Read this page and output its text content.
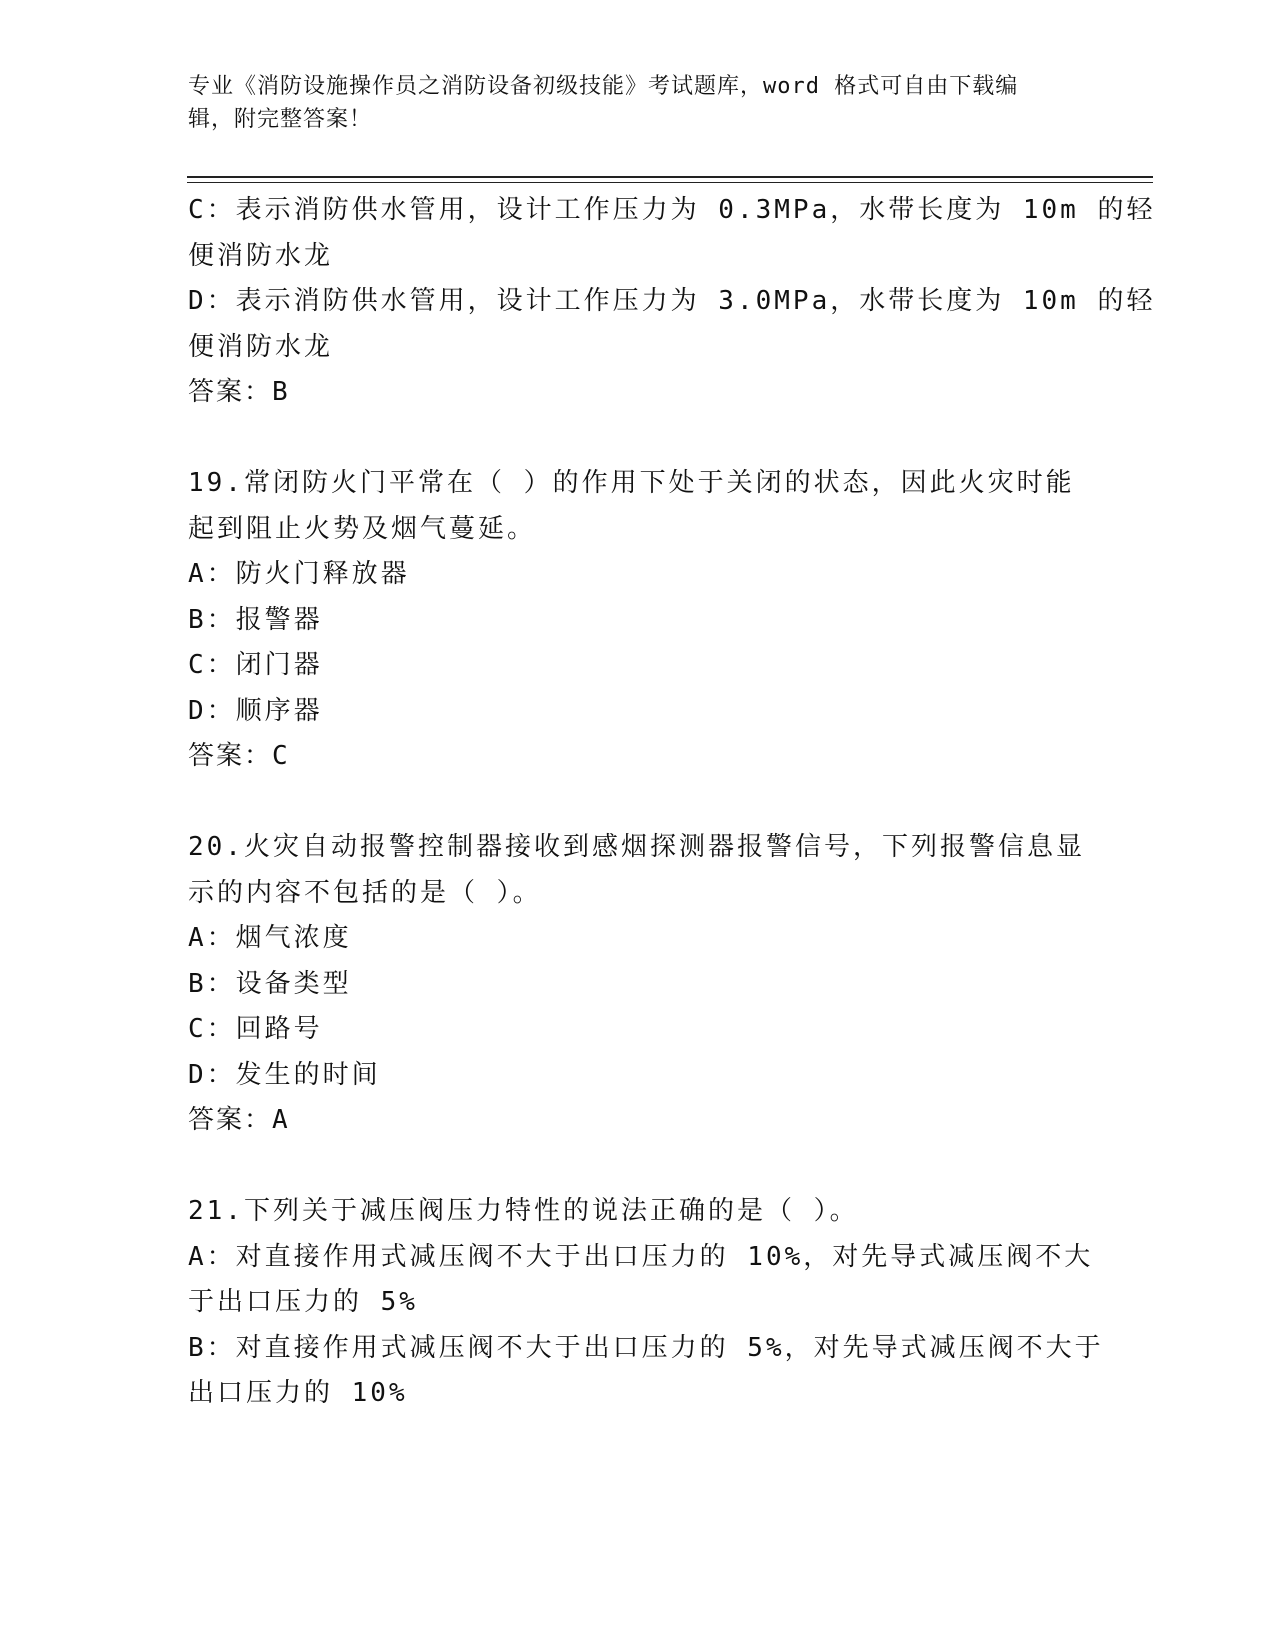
专业《消防设施操作员之消防设备初级技能》考试题库，word 格式可自由下载编
辑，附完整答案！
C：表示消防供水管用，设计工作压力为 0.3MPa，水带长度为 10m 的轻
便消防水龙
D：表示消防供水管用，设计工作压力为 3.0MPa，水带长度为 10m 的轻
便消防水龙
答案：B
19.常闭防火门平常在（ ）的作用下处于关闭的状态，因此火灾时能
起到阻止火势及烟气蔓延。
A：防火门释放器
B：报警器
C：闭门器
D：顺序器
答案：C
20.火灾自动报警控制器接收到感烟探测器报警信号，下列报警信息显
示的内容不包括的是（ ）。
A：烟气浓度
B：设备类型
C：回路号
D：发生的时间
答案：A
21.下列关于减压阀压力特性的说法正确的是（ ）。
A：对直接作用式减压阀不大于出口压力的 10%，对先导式减压阀不大
于出口压力的 5%
B：对直接作用式减压阀不大于出口压力的 5%，对先导式减压阀不大于
出口压力的 10%
